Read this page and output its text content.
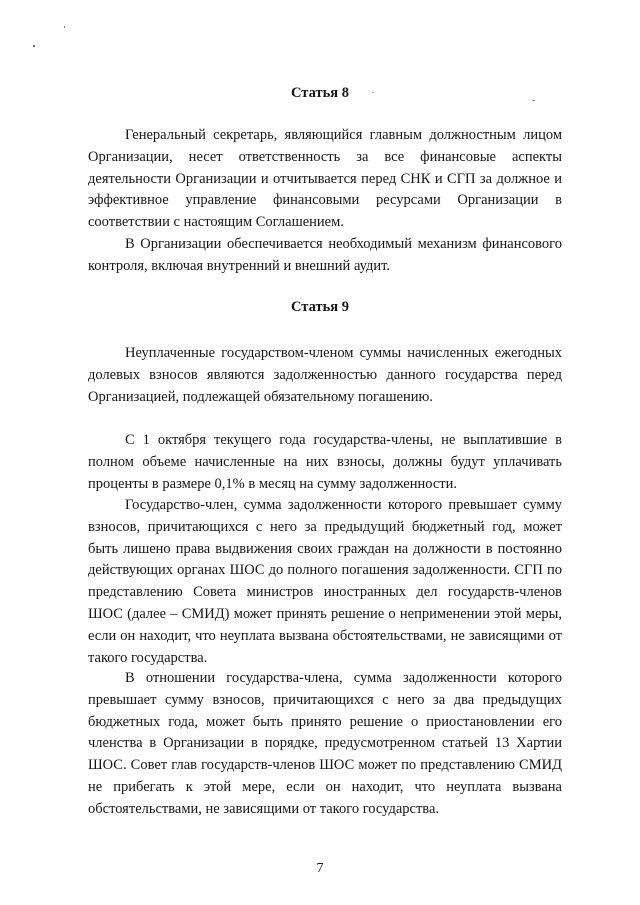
Статья 8

Генеральный секретарь, являющийся главным должностным лицом Организации, несет ответственность за все финансовые аспекты деятельности Организации и отчитывается перед СНК и СГП за должное и эффективное управление финансовыми ресурсами Организации в соответствии с настоящим Соглашением.

В Организации обеспечивается необходимый механизм финансового контроля, включая внутренний и внешний аудит.

Статья 9

Неуплаченные государством-членом суммы начисленных ежегодных долевых взносов являются задолженностью данного государства перед Организацией, подлежащей обязательному погашению.

С 1 октября текущего года государства-члены, не выплатившие в полном объеме начисленные на них взносы, должны будут уплачивать проценты в размере 0,1% в месяц на сумму задолженности.

Государство-член, сумма задолженности которого превышает сумму взносов, причитающихся с него за предыдущий бюджетный год, может быть лишено права выдвижения своих граждан на должности в постоянно действующих органах ШОС до полного погашения задолженности. СГП по представлению Совета министров иностранных дел государств-членов ШОС (далее – СМИД) может принять решение о неприменении этой меры, если он находит, что неуплата вызвана обстоятельствами, не зависящими от такого государства.

В отношении государства-члена, сумма задолженности которого превышает сумму взносов, причитающихся с него за два предыдущих бюджетных года, может быть принято решение о приостановлении его членства в Организации в порядке, предусмотренном статьей 13 Хартии ШОС. Совет глав государств-членов ШОС может по представлению СМИД не прибегать к этой мере, если он находит, что неуплата вызвана обстоятельствами, не зависящими от такого государства.

7
